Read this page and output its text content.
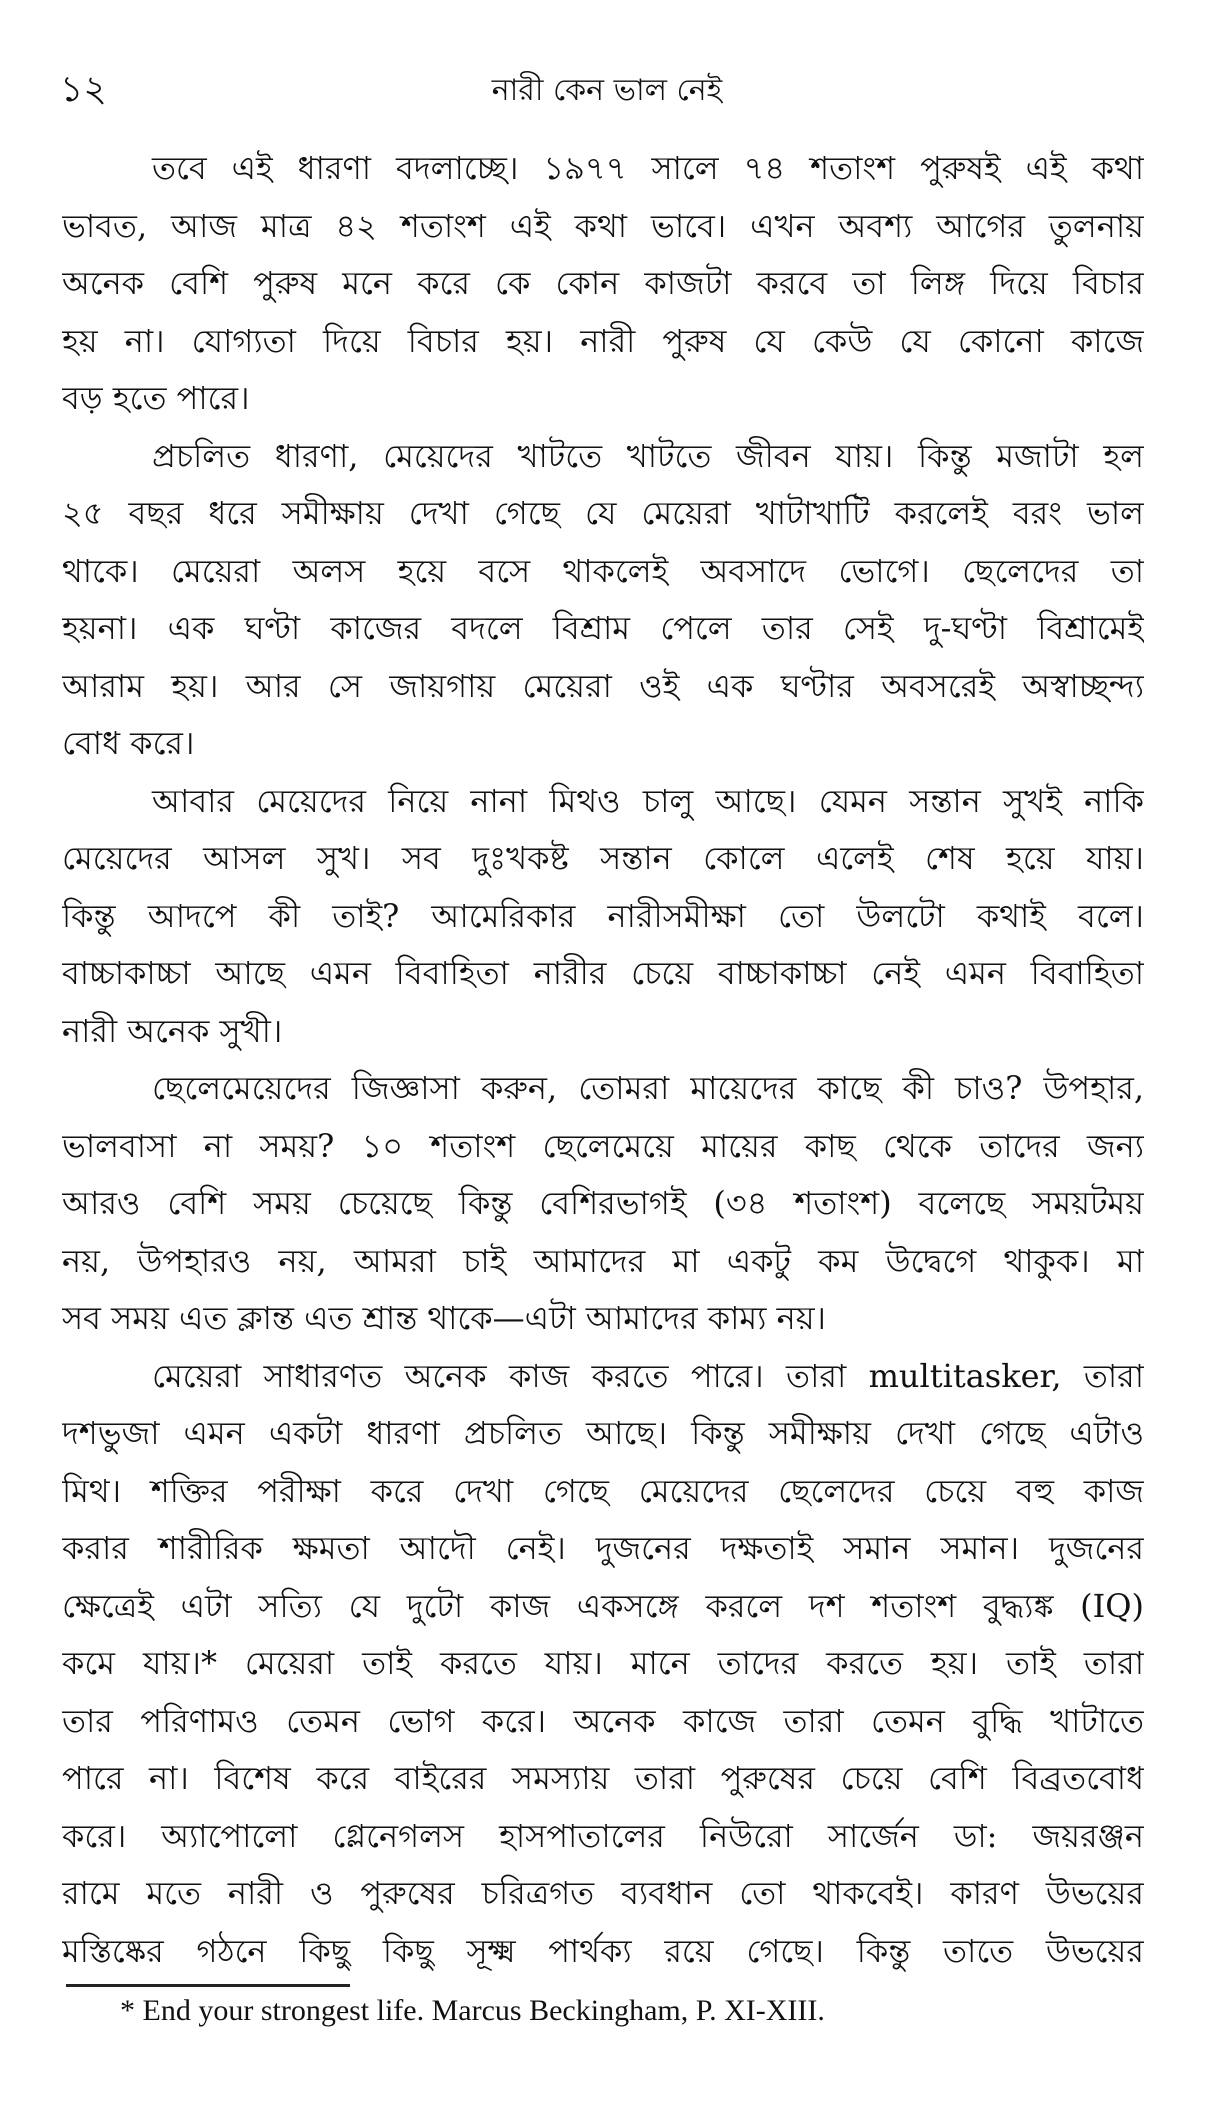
১২	নারী কেন ভাল নেই
তবে এই ধারণা বদলাচ্ছে। ১৯৭৭ সালে ৭৪ শতাংশ পুরুষই এই কথা
ভাবত, আজ মাত্র ৪২ শতাংশ এই কথা ভাবে। এখন অবশ্য আগের তুলনায়
অনেক বেশি পুরুষ মনে করে কে কোন কাজটা করবে তা লিঙ্গ দিয়ে বিচার
হয় না। যোগ্যতা দিয়ে বিচার হয়। নারী পুরুষ যে কেউ যে কোনো কাজে
বড় হতে পারে।
প্রচলিত ধারণা, মেয়েদের খাটতে খাটতে জীবন যায়। কিন্তু মজাটা হল
২৫ বছর ধরে সমীক্ষায় দেখা গেছে যে মেয়েরা খাটাখাটি করলেই বরং ভাল
থাকে। মেয়েরা অলস হয়ে বসে থাকলেই অবসাদে ভোগে। ছেলেদের তা
হয়না। এক ঘণ্টা কাজের বদলে বিশ্রাম পেলে তার সেই দু-ঘণ্টা বিশ্রামেই
আরাম হয়। আর সে জায়গায় মেয়েরা ওই এক ঘণ্টার অবসরেই অস্বাচ্ছন্দ্য
বোধ করে।
আবার মেয়েদের নিয়ে নানা মিথও চালু আছে। যেমন সন্তান সুখই নাকি
মেয়েদের আসল সুখ। সব দুঃখকষ্ট সন্তান কোলে এলেই শেষ হয়ে যায়।
কিন্তু আদপে কী তাই? আমেরিকার নারীসমীক্ষা তো উলটো কথাই বলে।
বাচ্চাকাচ্চা আছে এমন বিবাহিতা নারীর চেয়ে বাচ্চাকাচ্চা নেই এমন বিবাহিতা
নারী অনেক সুখী।
ছেলেমেয়েদের জিজ্ঞাসা করুন, তোমরা মায়েদের কাছে কী চাও? উপহার,
ভালবাসা না সময়? ১০ শতাংশ ছেলেমেয়ে মায়ের কাছ থেকে তাদের জন্য
আরও বেশি সময় চেয়েছে কিন্তু বেশিরভাগই (৩৪ শতাংশ) বলেছে সময়টময়
নয়, উপহারও নয়, আমরা চাই আমাদের মা একটু কম উদ্বেগে থাকুক। মা
সব সময় এত ক্লান্ত এত শ্রান্ত থাকে—এটা আমাদের কাম্য নয়।
মেয়েরা সাধারণত অনেক কাজ করতে পারে। তারা multitasker, তারা
দশভুজা এমন একটা ধারণা প্রচলিত আছে। কিন্তু সমীক্ষায় দেখা গেছে এটাও
মিথ। শক্তির পরীক্ষা করে দেখা গেছে মেয়েদের ছেলেদের চেয়ে বহু কাজ
করার শারীরিক ক্ষমতা আদৌ নেই। দুজনের দক্ষতাই সমান সমান। দুজনের
ক্ষেত্রেই এটা সত্যি যে দুটো কাজ একসঙ্গে করলে দশ শতাংশ বুদ্ধ্যঙ্ক (IQ)
কমে যায়।* মেয়েরা তাই করতে যায়। মানে তাদের করতে হয়। তাই তারা
তার পরিণামও তেমন ভোগ করে। অনেক কাজে তারা তেমন বুদ্ধি খাটাতে
পারে না। বিশেষ করে বাইরের সমস্যায় তারা পুরুষের চেয়ে বেশি বিব্রতবোধ
করে। অ্যাপোলো গ্লেনেগলস হাসপাতালের নিউরো সার্জেন ডা: জয়রঞ্জন
রামে মতে নারী ও পুরুষের চরিত্রগত ব্যবধান তো থাকবেই। কারণ উভয়ের
মস্তিষ্কের গঠনে কিছু কিছু সূক্ষ্ম পার্থক্য রয়ে গেছে। কিন্তু তাতে উভয়ের
* End your strongest life. Marcus Beckingham, P. XI-XIII.
